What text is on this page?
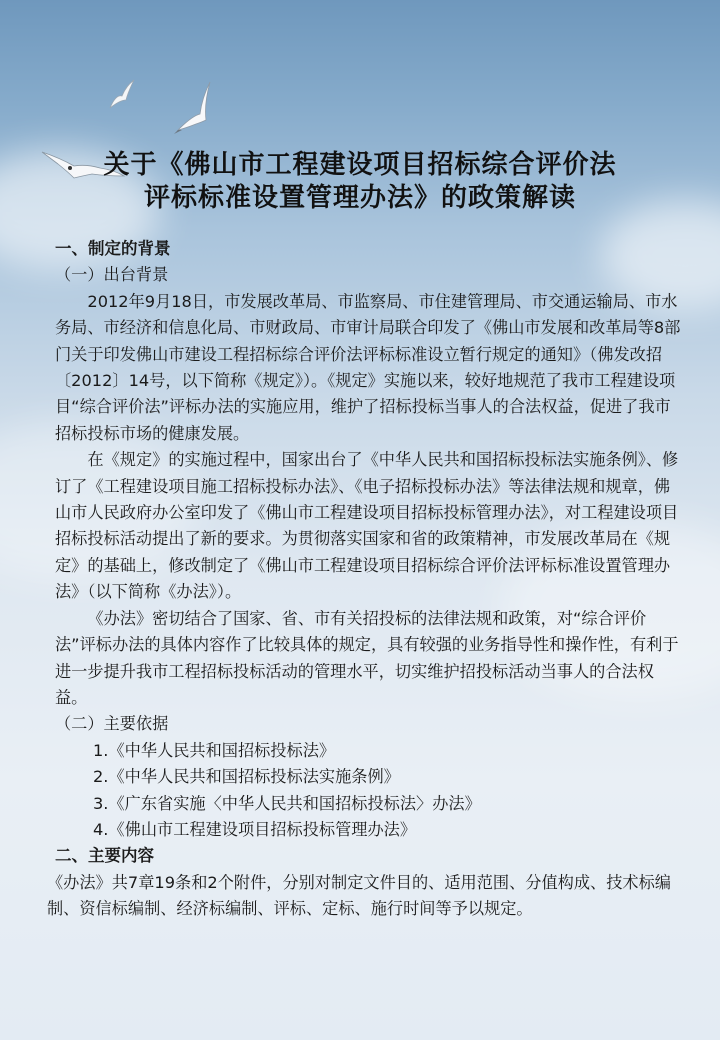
关于《佛山市工程建设项目招标综合评价法
评标标准设置管理办法》的政策解读

一、制定的背景

（一）出台背景

2012年9月18日，市发展改革局、市监察局、市住建管理局、市交通运输局、市水务局、市经济和信息化局、市财政局、市审计局联合印发了《佛山市发展和改革局等8部门关于印发佛山市建设工程招标综合评价法评标标准设立暂行规定的通知》（佛发改招〔2012〕14号，以下简称《规定》）。《规定》实施以来，较好地规范了我市工程建设项目“综合评价法”评标办法的实施应用，维护了招标投标当事人的合法权益，促进了我市招标投标市场的健康发展。

在《规定》的实施过程中，国家出台了《中华人民共和国招标投标法实施条例》、修订了《工程建设项目施工招标投标办法》、《电子招标投标办法》等法律法规和规章，佛山市人民政府办公室印发了《佛山市工程建设项目招标投标管理办法》，对工程建设项目招标投标活动提出了新的要求。为贯彻落实国家和省的政策精神，市发展改革局在《规定》的基础上，修改制定了《佛山市工程建设项目招标综合评价法评标标准设置管理办法》（以下简称《办法》）。

《办法》密切结合了国家、省、市有关招投标的法律法规和政策，对“综合评价法”评标办法的具体内容作了比较具体的规定，具有较强的业务指导性和操作性，有利于进一步提升我市工程招标投标活动的管理水平，切实维护招投标活动当事人的合法权益。

（二）主要依据

1.《中华人民共和国招标投标法》

2.《中华人民共和国招标投标法实施条例》

3.《广东省实施〈中华人民共和国招标投标法〉办法》

4.《佛山市工程建设项目招标投标管理办法》

二、主要内容

《办法》共7章19条和2个附件，分别对制定文件目的、适用范围、分值构成、技术标编制、资信标编制、经济标编制、评标、定标、施行时间等予以规定。
